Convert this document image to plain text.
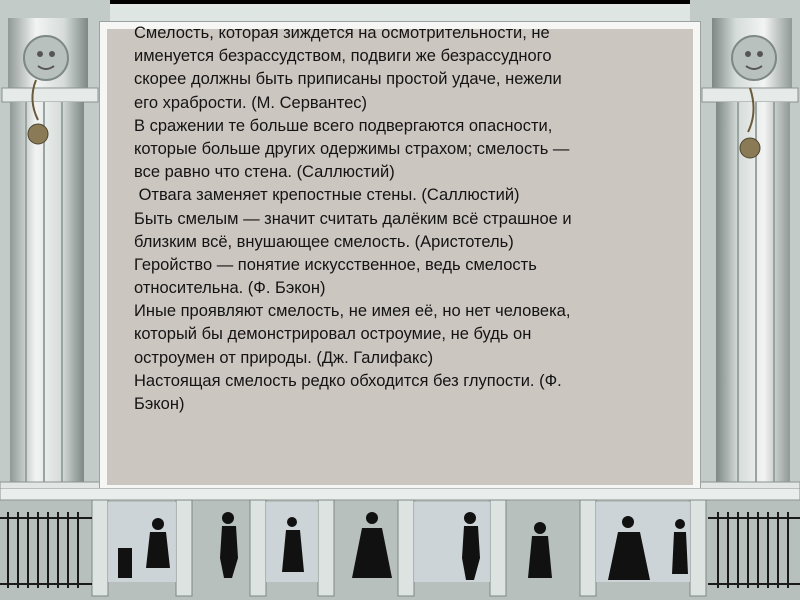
Смелость, которая зиждется на осмотрительности, не
именуется безрассудством, подвиги же безрассудного
скорее должны быть приписаны простой удаче, нежели
его храбрости. (М. Сервантес)
В сражении те больше всего подвергаются опасности,
которые больше других одержимы страхом; смелость —
все равно что стена. (Саллюстий)
Отвага заменяет крепостные стены. (Саллюстий)
Быть смелым — значит считать далёким всё страшное и
близким всё, внушающее смелость. (Аристотель)
Геройство — понятие искусственное, ведь смелость
относительна. (Ф. Бэкон)
Иные проявляют смелость, не имея её, но нет человека,
который бы демонстрировал остроумие, не будь он
остроумен от природы. (Дж. Галифакс)
Настоящая смелость редко обходится без глупости. (Ф.
Бэкон)
